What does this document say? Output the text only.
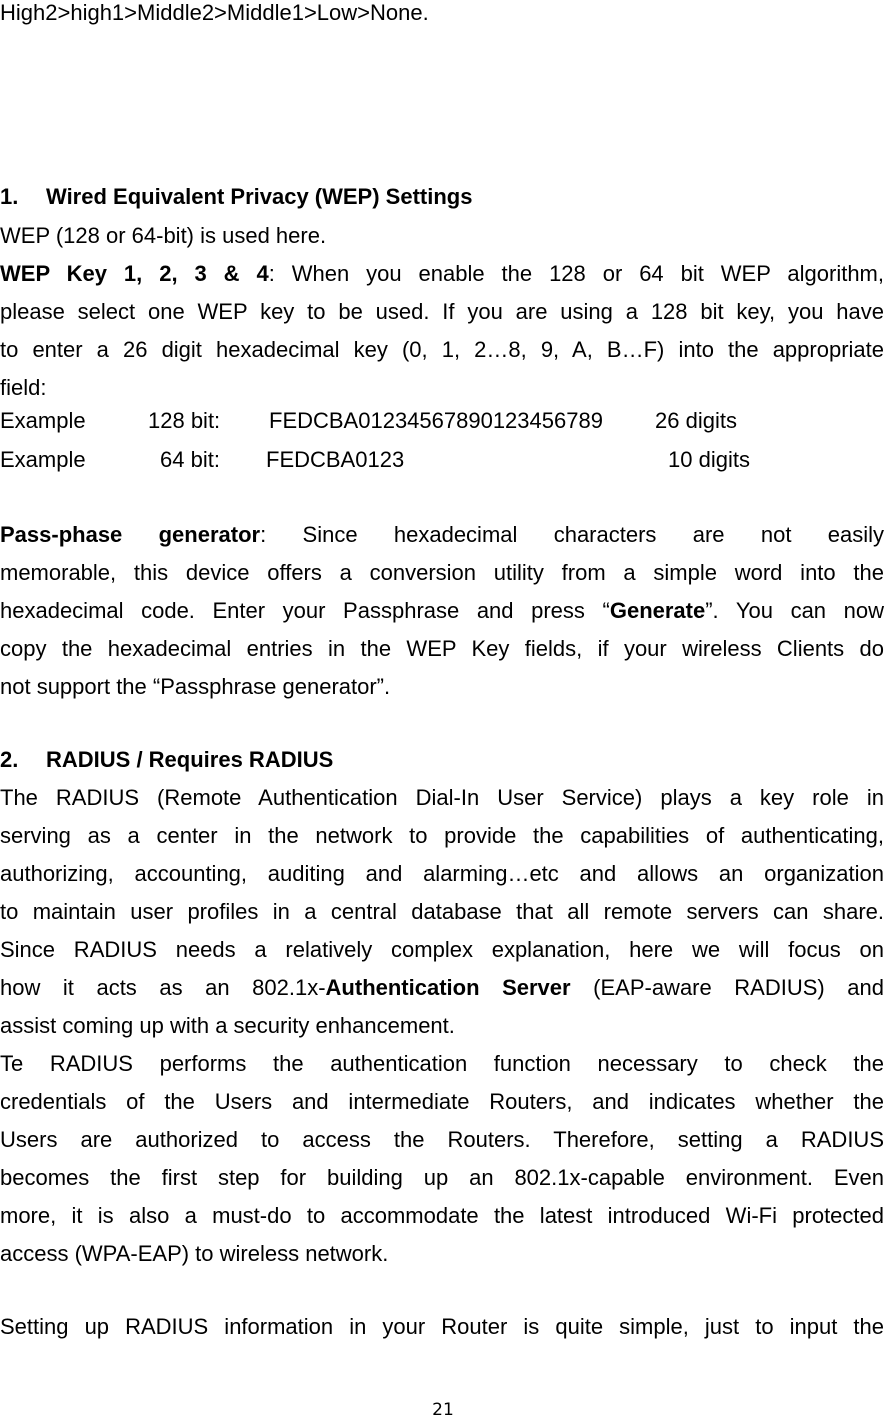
High2>high1>Middle2>Middle1>Low>None.

1. Wired Equivalent Privacy (WEP) Settings

WEP (128 or 64-bit) is used here.

WEP Key 1, 2, 3 & 4: When you enable the 128 or 64 bit WEP algorithm,

please select one WEP key to be used. If you are using a 128 bit key, you have

to enter a 26 digit hexadecimal key (0, 1, 2…8, 9, A, B…F) into the appropriate

field:

Example	128 bit: FEDCBA01234567890123456789 26 digits
Example	64 bit: FEDCBA0123	10 digits

Pass-phase generator: Since hexadecimal characters are not easily

memorable, this device offers a conversion utility from a simple word into the

hexadecimal code. Enter your Passphrase and press “Generate”. You can now

copy the hexadecimal entries in the WEP Key fields, if your wireless Clients do

not support the “Passphrase generator”.

2. RADIUS / Requires RADIUS

The RADIUS (Remote Authentication Dial-In User Service) plays a key role in

serving as a center in the network to provide the capabilities of authenticating,

authorizing, accounting, auditing and alarming…etc and allows an organization

to maintain user profiles in a central database that all remote servers can share.

Since RADIUS needs a relatively complex explanation, here we will focus on

how it acts as an 802.1x-Authentication Server (EAP-aware RADIUS) and

assist coming up with a security enhancement.

Te RADIUS performs the authentication function necessary to check the

credentials of the Users and intermediate Routers, and indicates whether the

Users are authorized to access the Routers. Therefore, setting a RADIUS

becomes the first step for building up an 802.1x-capable environment. Even

more, it is also a must-do to accommodate the latest introduced Wi-Fi protected

access (WPA-EAP) to wireless network.

Setting up RADIUS information in your Router is quite simple, just to input the

21
